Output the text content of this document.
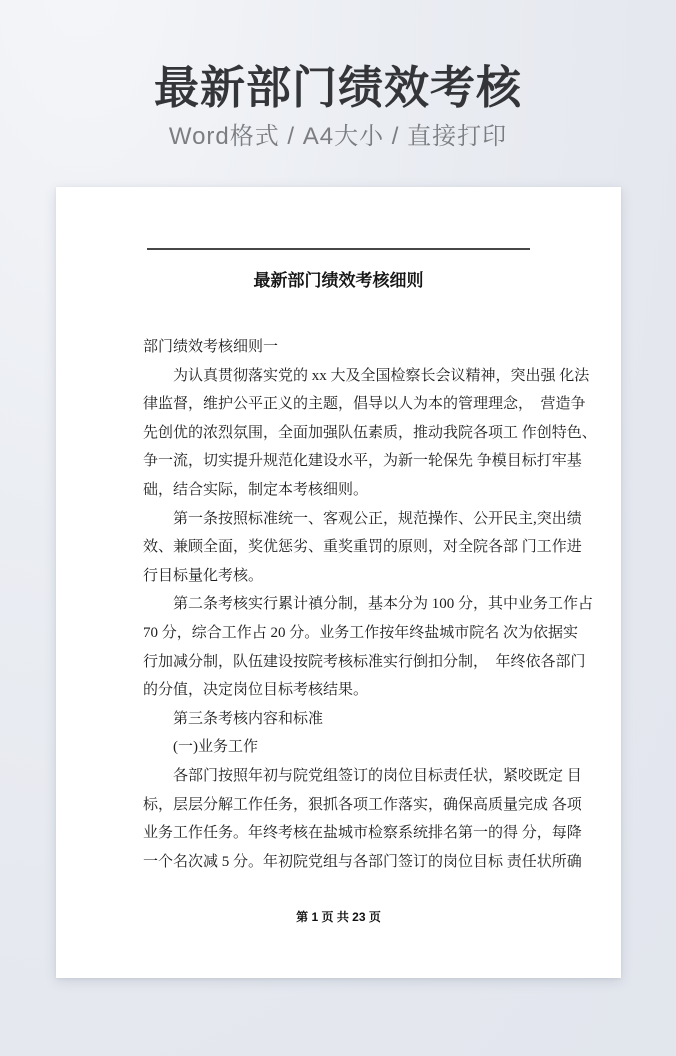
最新部门绩效考核
Word格式 / A4大小 / 直接打印
最新部门绩效考核细则
部门绩效考核细则一
为认真贯彻落实党的 xx 大及全国检察长会议精神，突出强 化法
律监督，维护公平正义的主题，倡导以人为本的管理理念，  营造争
先创优的浓烈氛围，全面加强队伍素质，推动我院各项工 作创特色、
争一流，切实提升规范化建设水平，为新一轮保先 争模目标打牢基
础，结合实际，制定本考核细则。
第一条按照标准统一、客观公正，规范操作、公开民主,突出绩
效、兼顾全面，奖优惩劣、重奖重罚的原则，对全院各部 门工作进
行目标量化考核。
第二条考核实行累计禛分制，基本分为 100 分，其中业务工作占
70 分，综合工作占 20 分。业务工作按年终盐城市院名 次为依据实
行加减分制，队伍建设按院考核标准实行倒扣分制，  年终依各部门
的分值，决定岗位目标考核结果。
第三条考核内容和标准
(一)业务工作
各部门按照年初与院党组签订的岗位目标责任状，紧咬既定 目
标，层层分解工作任务，狠抓各项工作落实，确保高质量完成 各项
业务工作任务。年终考核在盐城市检察系统排名第一的得 分，每降
一个名次减 5 分。年初院党组与各部门签订的岗位目标 责任状所确
第 1 页 共 23 页
